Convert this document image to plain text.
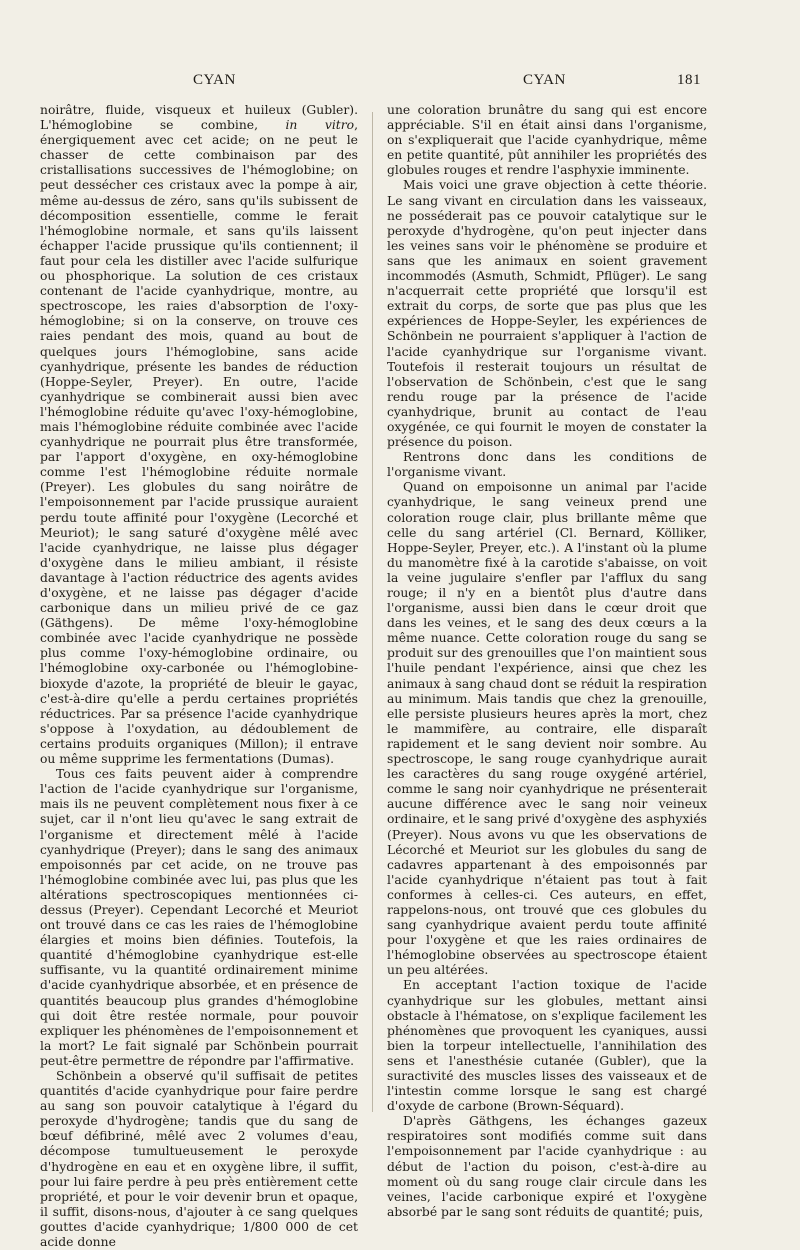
CYAN	CYAN	181

noirâtre, fluide, visqueux et huileux (Gubler). L'hémoglobine se combine, in vitro, énergiquement avec cet acide; on ne peut le chasser de cette combinaison par des cristallisations successives de l'hémoglobine; on peut dessécher ces cristaux avec la pompe à air, même au-dessus de zéro, sans qu'ils subissent de décomposition essentielle, comme le ferait l'hémoglobine normale, et sans qu'ils laissent échapper l'acide prussique qu'ils contiennent; il faut pour cela les distiller avec l'acide sulfurique ou phosphorique. La solution de ces cristaux contenant de l'acide cyanhydrique, montre, au spectroscope, les raies d'absorption de l'oxy-hémoglobine; si on la conserve, on trouve ces raies pendant des mois, quand au bout de quelques jours l'hémoglobine, sans acide cyanhydrique, présente les bandes de réduction (Hoppe-Seyler, Preyer). En outre, l'acide cyanhydrique se combinerait aussi bien avec l'hémoglobine réduite qu'avec l'oxy-hémoglobine, mais l'hémoglobine réduite combinée avec l'acide cyanhydrique ne pourrait plus être transformée, par l'apport d'oxygène, en oxy-hémoglobine comme l'est l'hémoglobine réduite normale (Preyer). Les globules du sang noirâtre de l'empoisonnement par l'acide prussique auraient perdu toute affinité pour l'oxygène (Lecorché et Meuriot); le sang saturé d'oxygène mêlé avec l'acide cyanhydrique, ne laisse plus dégager d'oxygène dans le milieu ambiant, il résiste davantage à l'action réductrice des agents avides d'oxygène, et ne laisse pas dégager d'acide carbonique dans un milieu privé de ce gaz (Gäthgens). De même l'oxy-hémoglobine combinée avec l'acide cyanhydrique ne possède plus comme l'oxy-hémoglobine ordinaire, ou l'hémoglobine oxy-carbonée ou l'hémoglobine-bioxyde d'azote, la propriété de bleuir le gayac, c'est-à-dire qu'elle a perdu certaines propriétés réductrices. Par sa présence l'acide cyanhydrique s'oppose à l'oxydation, au dédoublement de certains produits organiques (Millon); il entrave ou même supprime les fermentations (Dumas).

Tous ces faits peuvent aider à comprendre l'action de l'acide cyanhydrique sur l'organisme, mais ils ne peuvent complètement nous fixer à ce sujet, car il n'ont lieu qu'avec le sang extrait de l'organisme et directement mêlé à l'acide cyanhydrique (Preyer); dans le sang des animaux empoisonnés par cet acide, on ne trouve pas l'hémoglobine combinée avec lui, pas plus que les altérations spectroscopiques mentionnées ci-dessus (Preyer). Cependant Lecorché et Meuriot ont trouvé dans ce cas les raies de l'hémoglobine élargies et moins bien définies. Toutefois, la quantité d'hémoglobine cyanhydrique est-elle suffisante, vu la quantité ordinairement minime d'acide cyanhydrique absorbée, et en présence de quantités beaucoup plus grandes d'hémoglobine qui doit être restée normale, pour pouvoir expliquer les phénomènes de l'empoisonnement et la mort? Le fait signalé par Schönbein pourrait peut-être permettre de répondre par l'affirmative.

Schönbein a observé qu'il suffisait de petites quantités d'acide cyanhydrique pour faire perdre au sang son pouvoir catalytique à l'égard du peroxyde d'hydrogène; tandis que du sang de bœuf défibriné, mêlé avec 2 volumes d'eau, décompose tumultueusement le peroxyde d'hydrogène en eau et en oxygène libre, il suffit, pour lui faire perdre à peu près entièrement cette propriété, et pour le voir devenir brun et opaque, il suffit, disons-nous, d'ajouter à ce sang quelques gouttes d'acide cyanhydrique; 1/800 000 de cet acide donne

une coloration brunâtre du sang qui est encore appréciable. S'il en était ainsi dans l'organisme, on s'expliquerait que l'acide cyanhydrique, même en petite quantité, pût annihiler les propriétés des globules rouges et rendre l'asphyxie imminente.

Mais voici une grave objection à cette théorie. Le sang vivant en circulation dans les vaisseaux, ne posséderait pas ce pouvoir catalytique sur le peroxyde d'hydrogène, qu'on peut injecter dans les veines sans voir le phénomène se produire et sans que les animaux en soient gravement incommodés (Asmuth, Schmidt, Pflüger). Le sang n'acquerrait cette propriété que lorsqu'il est extrait du corps, de sorte que pas plus que les expériences de Hoppe-Seyler, les expériences de Schönbein ne pourraient s'appliquer à l'action de l'acide cyanhydrique sur l'organisme vivant. Toutefois il resterait toujours un résultat de l'observation de Schönbein, c'est que le sang rendu rouge par la présence de l'acide cyanhydrique, brunit au contact de l'eau oxygénée, ce qui fournit le moyen de constater la présence du poison.

Rentrons donc dans les conditions de l'organisme vivant.

Quand on empoisonne un animal par l'acide cyanhydrique, le sang veineux prend une coloration rouge clair, plus brillante même que celle du sang artériel (Cl. Bernard, Kölliker, Hoppe-Seyler, Preyer, etc.). A l'instant où la plume du manomètre fixé à la carotide s'abaisse, on voit la veine jugulaire s'enfler par l'afflux du sang rouge; il n'y en a bientôt plus d'autre dans l'organisme, aussi bien dans le cœur droit que dans les veines, et le sang des deux cœurs a la même nuance. Cette coloration rouge du sang se produit sur des grenouilles que l'on maintient sous l'huile pendant l'expérience, ainsi que chez les animaux à sang chaud dont se réduit la respiration au minimum. Mais tandis que chez la grenouille, elle persiste plusieurs heures après la mort, chez le mammifère, au contraire, elle disparaît rapidement et le sang devient noir sombre. Au spectroscope, le sang rouge cyanhydrique aurait les caractères du sang rouge oxygéné artériel, comme le sang noir cyanhydrique ne présenterait aucune différence avec le sang noir veineux ordinaire, et le sang privé d'oxygène des asphyxiés (Preyer). Nous avons vu que les observations de Lécorché et Meuriot sur les globules du sang de cadavres appartenant à des empoisonnés par l'acide cyanhydrique n'étaient pas tout à fait conformes à celles-ci. Ces auteurs, en effet, rappelons-nous, ont trouvé que ces globules du sang cyanhydrique avaient perdu toute affinité pour l'oxygène et que les raies ordinaires de l'hémoglobine observées au spectroscope étaient un peu altérées.

En acceptant l'action toxique de l'acide cyanhydrique sur les globules, mettant ainsi obstacle à l'hématose, on s'explique facilement les phénomènes que provoquent les cyaniques, aussi bien la torpeur intellectuelle, l'annihilation des sens et l'anesthésie cutanée (Gubler), que la suractivité des muscles lisses des vaisseaux et de l'intestin comme lorsque le sang est chargé d'oxyde de carbone (Brown-Séquard).

D'après Gäthgens, les échanges gazeux respiratoires sont modifiés comme suit dans l'empoisonnement par l'acide cyanhydrique : au début de l'action du poison, c'est-à-dire au moment où du sang rouge clair circule dans les veines, l'acide carbonique expiré et l'oxygène absorbé par le sang sont réduits de quantité; puis,
